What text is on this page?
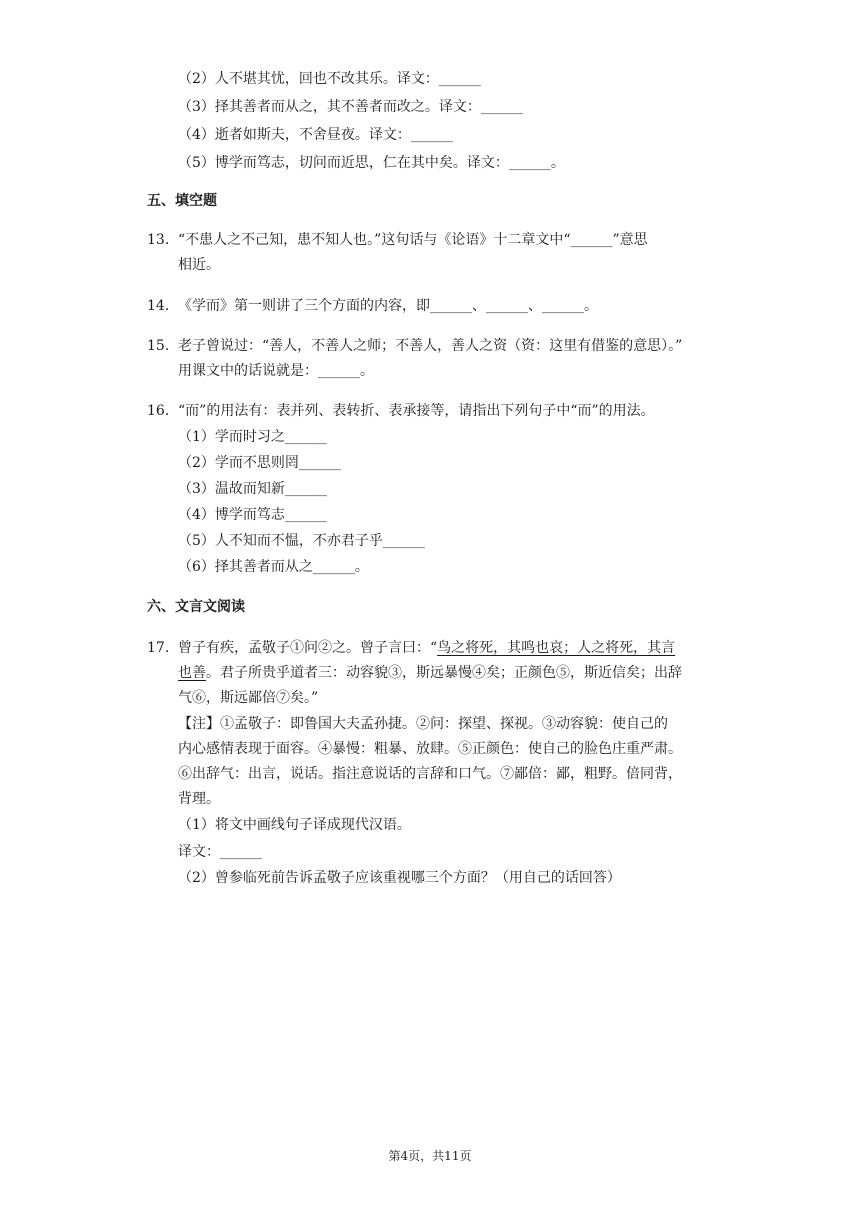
（2）人不堪其忧，回也不改其乐。译文：______
（3）择其善者而从之，其不善者而改之。译文：______
（4）逝者如斯夫，不舍昼夜。译文：______
（5）博学而笃志，切问而近思，仁在其中矣。译文：______。
五、填空题
13. “不患人之不己知，患不知人也。”这句话与《论语》十二章文中“______”意思
相近。
14. 《学而》第一则讲了三个方面的内容，即______、______、______。
15. 老子曾说过：“善人，不善人之师；不善人，善人之资（资：这里有借鉴的意思）。”
用课文中的话说就是：______。
16. “而”的用法有：表并列、表转折、表承接等，请指出下列句子中“而”的用法。
（1）学而时习之______
（2）学而不思则罔______
（3）温故而知新______
（4）博学而笃志______
（5）人不知而不愠，不亦君子乎______
（6）择其善者而从之______。
六、文言文阅读
17. 曾子有疾，孟敬子①问②之。曾子言曰：“鸟之将死，其鸣也哀；人之将死，其言
也善。君子所贵乎道者三：动容貌③，斯远暴慢④矣；正颜色⑤，斯近信矣；出辞
气⑥，斯远鄙倍⑦矣。”
【注】①孟敬子：即鲁国大夫孟孙捷。②问：探望、探视。③动容貌：使自己的
内心感情表现于面容。④暴慢：粗暴、放肆。⑤正颜色：使自己的脸色庄重严肃。
⑥出辞气：出言，说话。指注意说话的言辞和口气。⑦鄙倍：鄙，粗野。倍同背，
背理。
（1）将文中画线句子译成现代汉语。
译文：______
（2）曾参临死前告诉孟敬子应该重视哪三个方面？（用自己的话回答）
第4页，共11页
